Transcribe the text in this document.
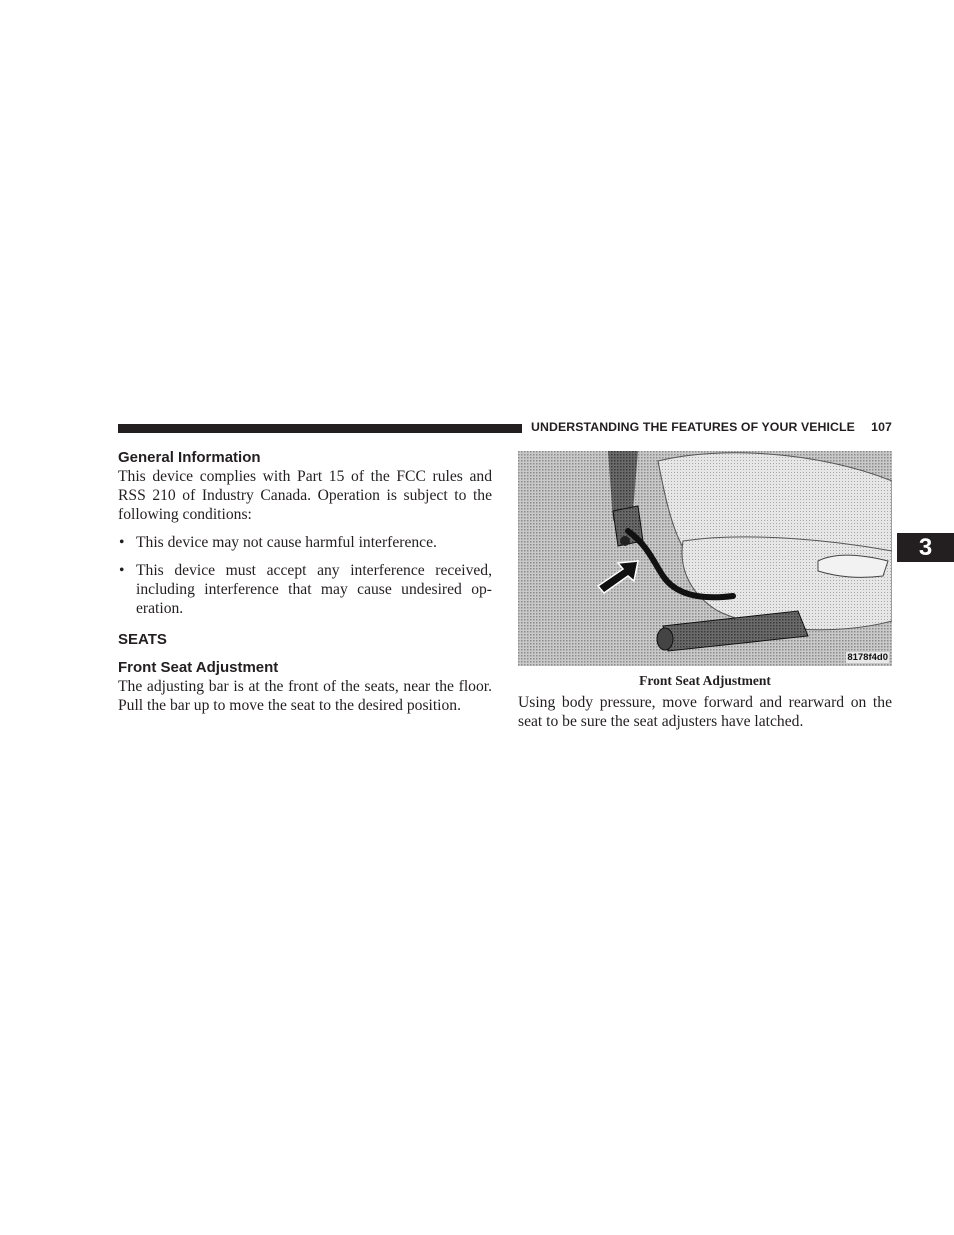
UNDERSTANDING THE FEATURES OF YOUR VEHICLE 107
General Information

This device complies with Part 15 of the FCC rules and RSS 210 of Industry Canada. Operation is subject to the following conditions:

• This device may not cause harmful interference.
• This device must accept any interference received, including interference that may cause undesired op-eration.
SEATS
Front Seat Adjustment

The adjusting bar is at the front of the seats, near the floor. Pull the bar up to move the seat to the desired position.

8178f4d0

Front Seat Adjustment

Using body pressure, move forward and rearward on the seat to be sure the seat adjusters have latched.

3
